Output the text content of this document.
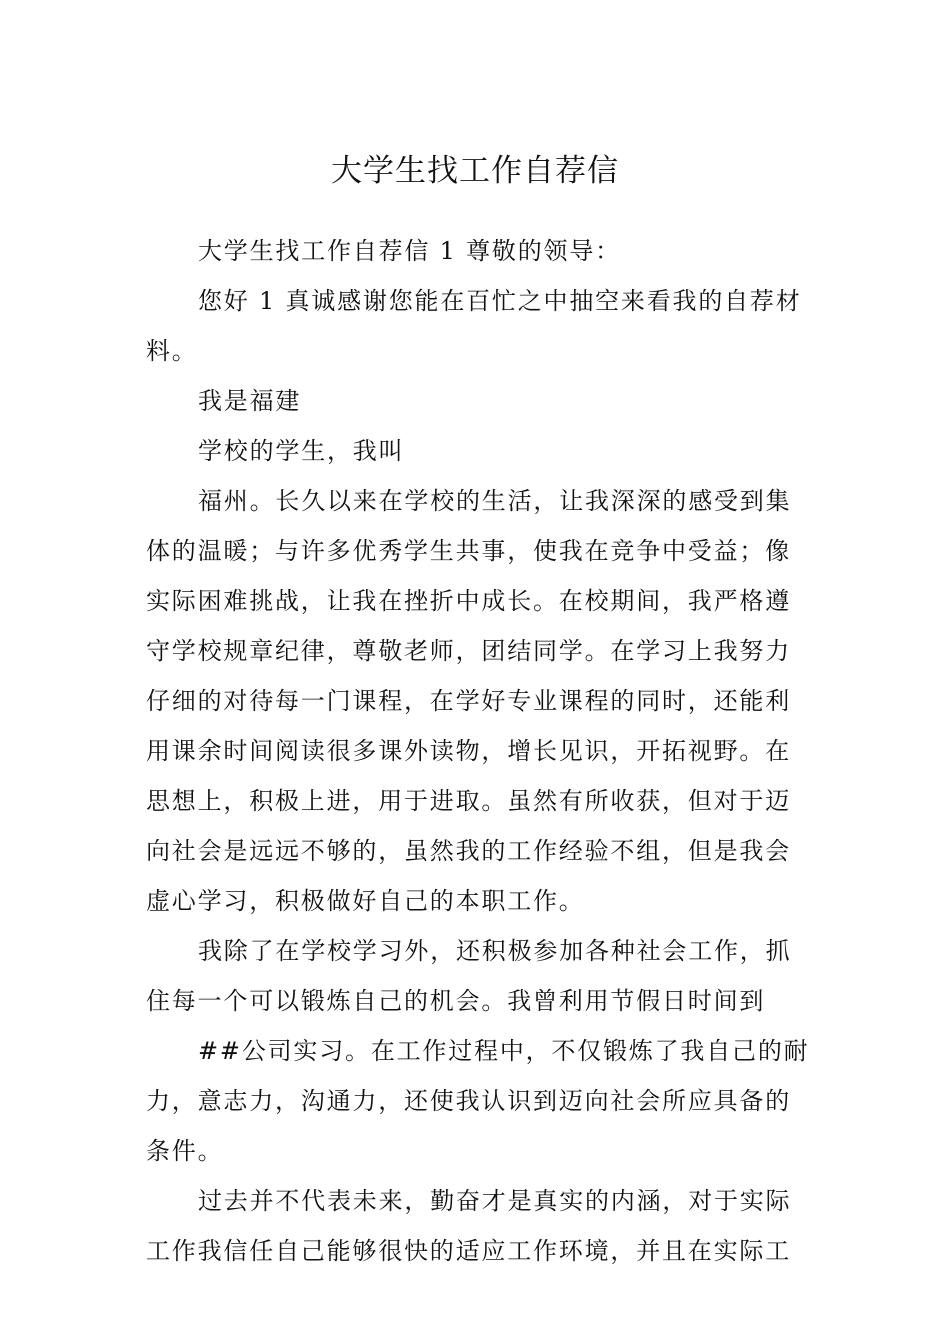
大学生找工作自荐信

大学生找工作自荐信 1 尊敬的领导：

您好 1 真诚感谢您能在百忙之中抽空来看我的自荐材料。

我是福建

学校的学生，我叫

福州。长久以来在学校的生活，让我深深的感受到集体的温暖；与许多优秀学生共事，使我在竞争中受益；像实际困难挑战，让我在挫折中成长。在校期间，我严格遵守学校规章纪律，尊敬老师，团结同学。在学习上我努力仔细的对待每一门课程，在学好专业课程的同时，还能利用课余时间阅读很多课外读物，增长见识，开拓视野。在思想上，积极上进，用于进取。虽然有所收获，但对于迈向社会是远远不够的，虽然我的工作经验不组，但是我会虚心学习，积极做好自己的本职工作。

我除了在学校学习外，还积极参加各种社会工作，抓住每一个可以锻炼自己的机会。我曾利用节假日时间到

##公司实习。在工作过程中，不仅锻炼了我自己的耐力，意志力，沟通力，还使我认识到迈向社会所应具备的条件。

过去并不代表未来，勤奋才是真实的内涵，对于实际工作我信任自己能够很快的适应工作环境，并且在实际工
